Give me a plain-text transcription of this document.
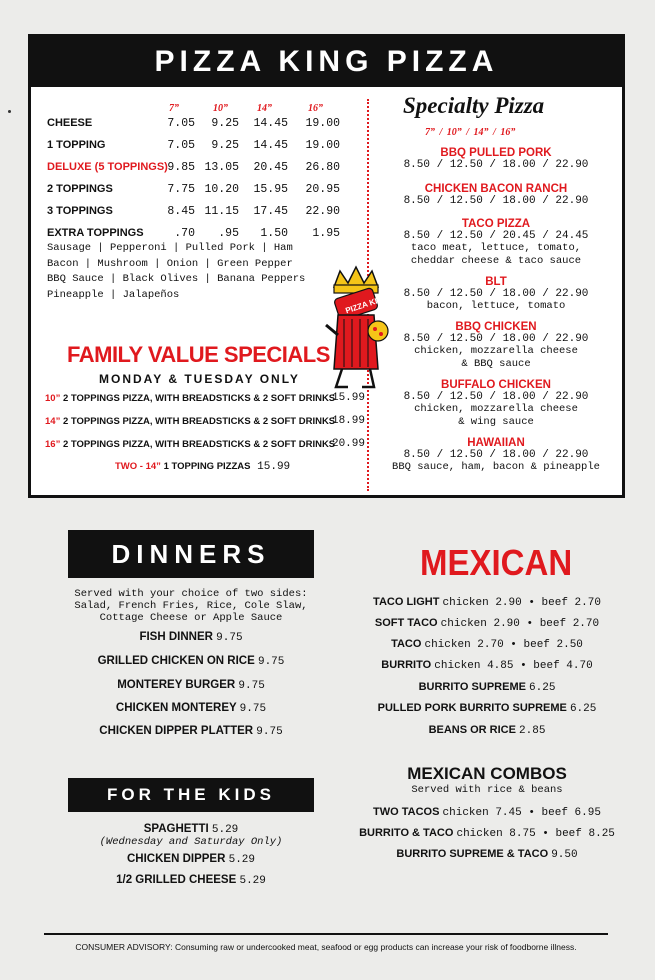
PIZZA KING PIZZA
7”	10”	14”	16”
CHEESE	7.05	9.25	14.45	19.00
1 TOPPING	7.05	9.25	14.45	19.00
DELUXE (5 TOPPINGS) 9.85 13.05	20.45	26.80
2 TOPPINGS	7.75 10.20	15.95	20.95
3 TOPPINGS	8.45 11.15	17.45	22.90
EXTRA TOPPINGS	.70	.95	1.50	1.95
Sausage | Pepperoni | Pulled Pork | Ham
Bacon | Mushroom | Onion | Green Pepper
BBQ Sauce | Black Olives | Banana Peppers
Pineapple | Jalapeños
FAMILY VALUE SPECIALS
MONDAY & TUESDAY ONLY
10” 2 TOPPINGS PIZZA, WITH BREADSTICKS & 2 SOFT DRINKS
15.99
14” 2 TOPPINGS PIZZA, WITH BREADSTICKS & 2 SOFT DRINKS
18.99
16” 2 TOPPINGS PIZZA, WITH BREADSTICKS & 2 SOFT DRINKS
20.99
TWO - 14” 1 TOPPING PIZZAS 15.99
PIZZA KING
Specialty Pizza
7” / 10” / 14” / 16”
BBQ PULLED PORK
8.50 / 12.50 / 18.00 / 22.90
CHICKEN BACON RANCH
8.50 / 12.50 / 18.00 / 22.90
TACO PIZZA
8.50 / 12.50 / 20.45 / 24.45
taco meat, lettuce, tomato,
cheddar cheese & taco sauce
BLT
8.50 / 12.50 / 18.00 / 22.90
bacon, lettuce, tomato
BBQ CHICKEN
8.50 / 12.50 / 18.00 / 22.90
chicken, mozzarella cheese
& BBQ sauce
BUFFALO CHICKEN
8.50 / 12.50 / 18.00 / 22.90
chicken, mozzarella cheese
& wing sauce
HAWAIIAN
8.50 / 12.50 / 18.00 / 22.90
BBQ sauce, ham, bacon & pineapple
DINNERS
Served with your choice of two sides:
Salad, French Fries, Rice, Cole Slaw,
Cottage Cheese or Apple Sauce
FISH DINNER 9.75
GRILLED CHICKEN ON RICE 9.75
MONTEREY BURGER 9.75
CHICKEN MONTEREY 9.75
CHICKEN DIPPER PLATTER 9.75
FOR THE KIDS
SPAGHETTI 5.29
(Wednesday and Saturday Only)
CHICKEN DIPPER 5.29
1/2 GRILLED CHEESE 5.29
MEXICAN
TACO LIGHT chicken 2.90 • beef 2.70
SOFT TACO chicken 2.90 • beef 2.70
TACO chicken 2.70 • beef 2.50
BURRITO chicken 4.85 • beef 4.70
BURRITO SUPREME 6.25
PULLED PORK BURRITO SUPREME 6.25
BEANS OR RICE 2.85
MEXICAN COMBOS
Served with rice & beans
TWO TACOS chicken 7.45 • beef 6.95
BURRITO & TACO chicken 8.75 • beef 8.25
BURRITO SUPREME & TACO 9.50
CONSUMER ADVISORY: Consuming raw or undercooked meat, seafood or egg products can increase your risk of foodborne illness.
